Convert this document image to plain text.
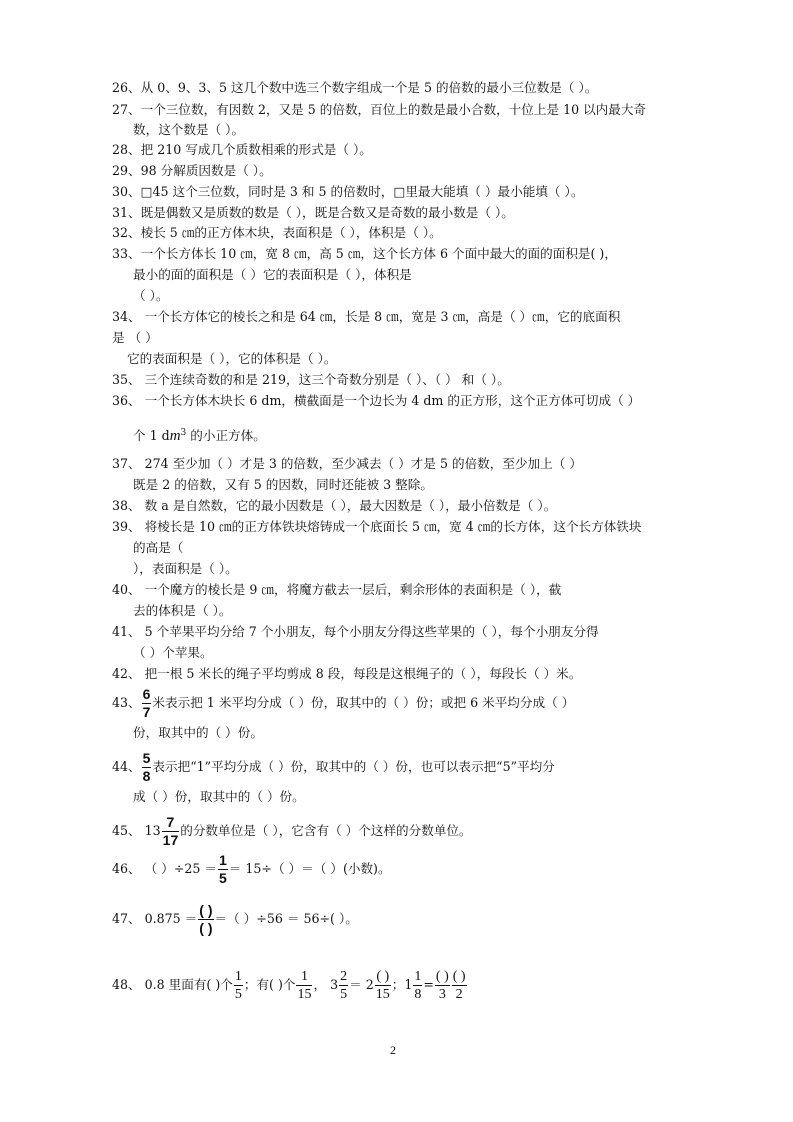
26、从 0、9、3、5 这几个数中选三个数字组成一个是 5 的倍数的最小三位数是（ ）。
27、一个三位数，有因数 2，又是 5 的倍数，百位上的数是最小合数，十位上是 10 以内最大奇
数，这个数是（ ）。
28、把 210 写成几个质数相乘的形式是（ ）。
29、98 分解质因数是（ ）。
30、□45 这个三位数，同时是 3 和 5 的倍数时，□里最大能填（ ）最小能填（ ）。
31、既是偶数又是质数的数是（ ），既是合数又是奇数的最小数是（ ）。
32、棱长 5 ㎝的正方体木块，表面积是（ ），体积是（ ）。
33、一个长方体长 10 ㎝，宽 8 ㎝，高 5 ㎝，这个长方体 6 个面中最大的面的面积是( )，
最小的面的面积是（ ）它的表面积是（ ），体积是
（ ）。
34、 一个长方体它的棱长之和是 64 ㎝，长是 8 ㎝，宽是 3 ㎝，高是（ ）㎝，它的底面积
是 （ ）
它的表面积是（ ），它的体积是（ ）。
35、 三个连续奇数的和是 219，这三个奇数分别是（ ）、（ ） 和（ ）。
36、 一个长方体木块长 6 dm，横截面是一个边长为 4 dm 的正方形，这个正方体可切成（ ）
个 1 $dm^3$ 的小正方体。
37、 274 至少加（ ）才是 3 的倍数，至少减去（ ）才是 5 的倍数，至少加上（ ）
既是 2 的倍数，又有 5 的因数，同时还能被 3 整除。
38、 数 a 是自然数，它的最小因数是（ ），最大因数是（ ），最小倍数是（ ）。
39、 将棱长是 10 ㎝的正方体铁块熔铸成一个底面长 5 ㎝，宽 4 ㎝的长方体，这个长方体铁块
的高是（
），表面积是（ ）。
40、 一个魔方的棱长是 9 ㎝，将魔方截去一层后，剩余形体的表面积是（ ），截
去的体积是（ ）。
41、 5 个苹果平均分给 7 个小朋友，每个小朋友分得这些苹果的（ ），每个小朋友分得
（ ）个苹果。
42、 把一根 5 米长的绳子平均剪成 8 段，每段是这根绳子的（ ），每段长（ ）米。
43、 $\frac{6}{7}$ 米表示把 1 米平均分成（ ）份，取其中的（ ）份；或把 6 米平均分成（ ）
份，取其中的（ ）份。
44、 $\frac{5}{8}$ 表示把“1”平均分成（ ）份，取其中的（ ）份，也可以表示把“5”平均分
成（ ）份，取其中的（ ）份。
45、 $13 \frac{7}{17}$ 的分数单位是（ ），它含有（ ）个这样的分数单位。
46、 （ ）$\div 25 = \frac{1}{5} = 15\div$（ ）＝（ ）(小数)。
47、 0.875 ＝
( )
( )
＝（ ）÷56 ＝ 56÷( ）。
48、 0.8 里面有( )个 $\frac{1}{5}$ ；有( )个 $\frac{1}{15}$ ， $3 \frac{2}{5} = 2$
( )
15
；$1 \frac{1}{8}$ =
( )
3
( )
2
2
